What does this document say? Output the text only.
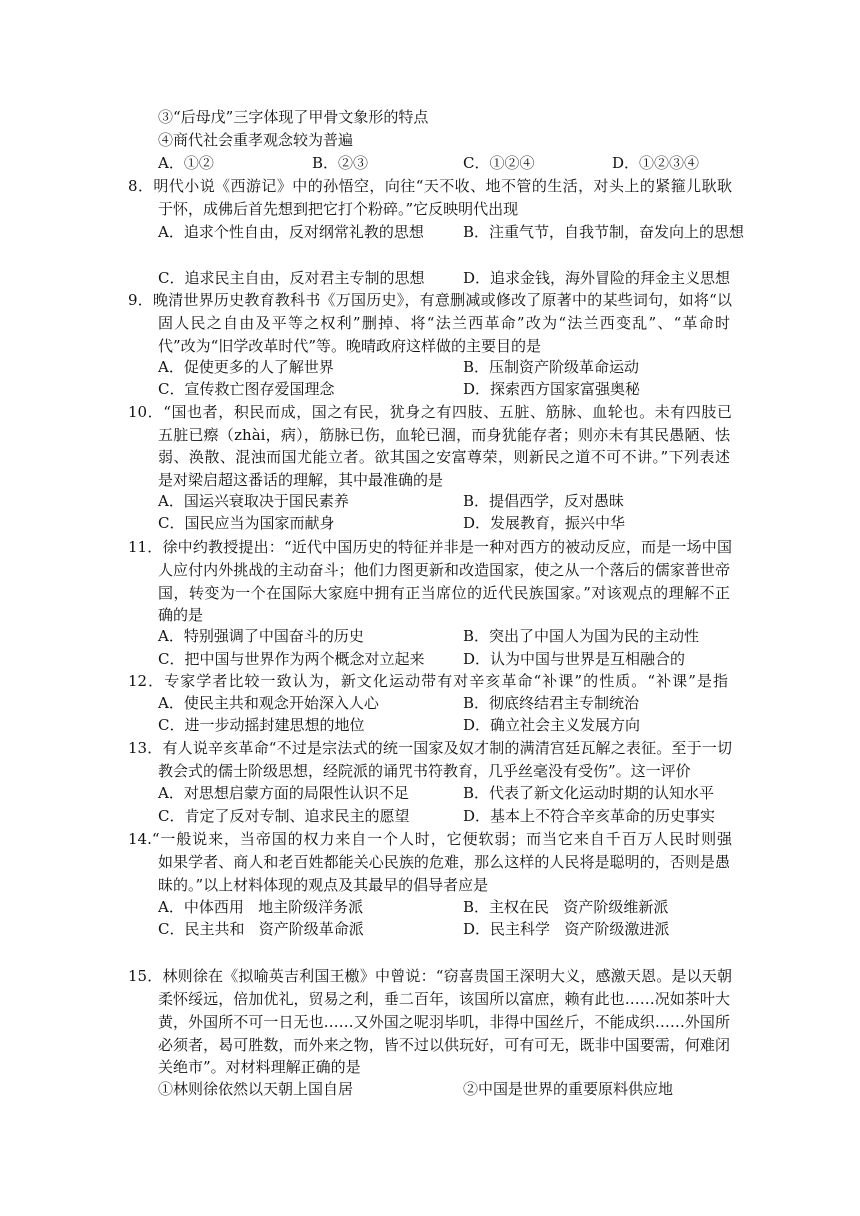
③“后母戊”三字体现了甲骨文象形的特点
④商代社会重孝观念较为普遍
A．①②	B．②③	C．①②④	D．①②③④
8．明代小说《西游记》中的孙悟空，向往“天不收、地不管的生活，对头上的紧箍儿耿耿
于怀，成佛后首先想到把它打个粉碎。”它反映明代出现
A．追求个性自由，反对纲常礼教的思想	B．注重气节，自我节制，奋发向上的思想
C．追求民主自由，反对君主专制的思想	D．追求金钱，海外冒险的拜金主义思想
9．晚清世界历史教育教科书《万国历史》，有意删减或修改了原著中的某些词句，如将“以
固人民之自由及平等之权利”删掉、将“法兰西革命”改为“法兰西变乱”、“革命时
代”改为“旧学改革时代”等。晚晴政府这样做的主要目的是
A．促使更多的人了解世界	B．压制资产阶级革命运动
C．宣传救亡图存爱国理念	D．探索西方国家富强奥秘
10．“国也者，积民而成，国之有民，犹身之有四肢、五脏、筋脉、血轮也。未有四肢已
五脏已瘵（zhài，病），筋脉已伤，血轮已涸，而身犹能存者；则亦未有其民愚陋、怯
弱、涣散、混浊而国尤能立者。欲其国之安富尊荣，则新民之道不可不讲。”下列表述
是对梁启超这番话的理解，其中最准确的是
A．国运兴衰取决于国民素养	B．提倡西学，反对愚昧
C．国民应当为国家而献身	D．发展教育，振兴中华
11．徐中约教授提出：“近代中国历史的特征并非是一种对西方的被动反应，而是一场中国
人应付内外挑战的主动奋斗；他们力图更新和改造国家，使之从一个落后的儒家普世帝
国，转变为一个在国际大家庭中拥有正当席位的近代民族国家。”对该观点的理解不正
确的是
A．特别强调了中国奋斗的历史	B．突出了中国人为国为民的主动性
C．把中国与世界作为两个概念对立起来	D．认为中国与世界是互相融合的
12．专家学者比较一致认为，新文化运动带有对辛亥革命“补课”的性质。“补课”是指
A．使民主共和观念开始深入人心	B．彻底终结君主专制统治
C．进一步动摇封建思想的地位	D．确立社会主义发展方向
13．有人说辛亥革命“不过是宗法式的统一国家及奴才制的满清宫廷瓦解之表征。至于一切
教会式的儒士阶级思想，经院派的诵咒书符教育，几乎丝毫没有受伤”。这一评价
A．对思想启蒙方面的局限性认识不足	B．代表了新文化运动时期的认知水平
C．肯定了反对专制、追求民主的愿望	D．基本上不符合辛亥革命的历史事实
14.“一般说来，当帝国的权力来自一个人时，它便软弱；而当它来自千百万人民时则强
如果学者、商人和老百姓都能关心民族的危难，那么这样的人民将是聪明的，否则是愚
昧的。”以上材料体现的观点及其最早的倡导者应是
A．中体西用   地主阶级洋务派	B．主权在民   资产阶级维新派
C．民主共和   资产阶级革命派	D．民主科学   资产阶级激进派
15．林则徐在《拟喻英吉利国王檄》中曾说：“窃喜贵国王深明大义，感激天恩。是以天朝
柔怀绥远，倍加优礼，贸易之利，垂二百年，该国所以富庶，赖有此也……况如茶叶大
黄，外国所不可一日无也……又外国之呢羽毕叽，非得中国丝斤，不能成织……外国所
必须者，曷可胜数，而外来之物，皆不过以供玩好，可有可无，既非中国要需，何难闭
关绝市”。对材料理解正确的是
①林则徐依然以天朝上国自居	②中国是世界的重要原料供应地
